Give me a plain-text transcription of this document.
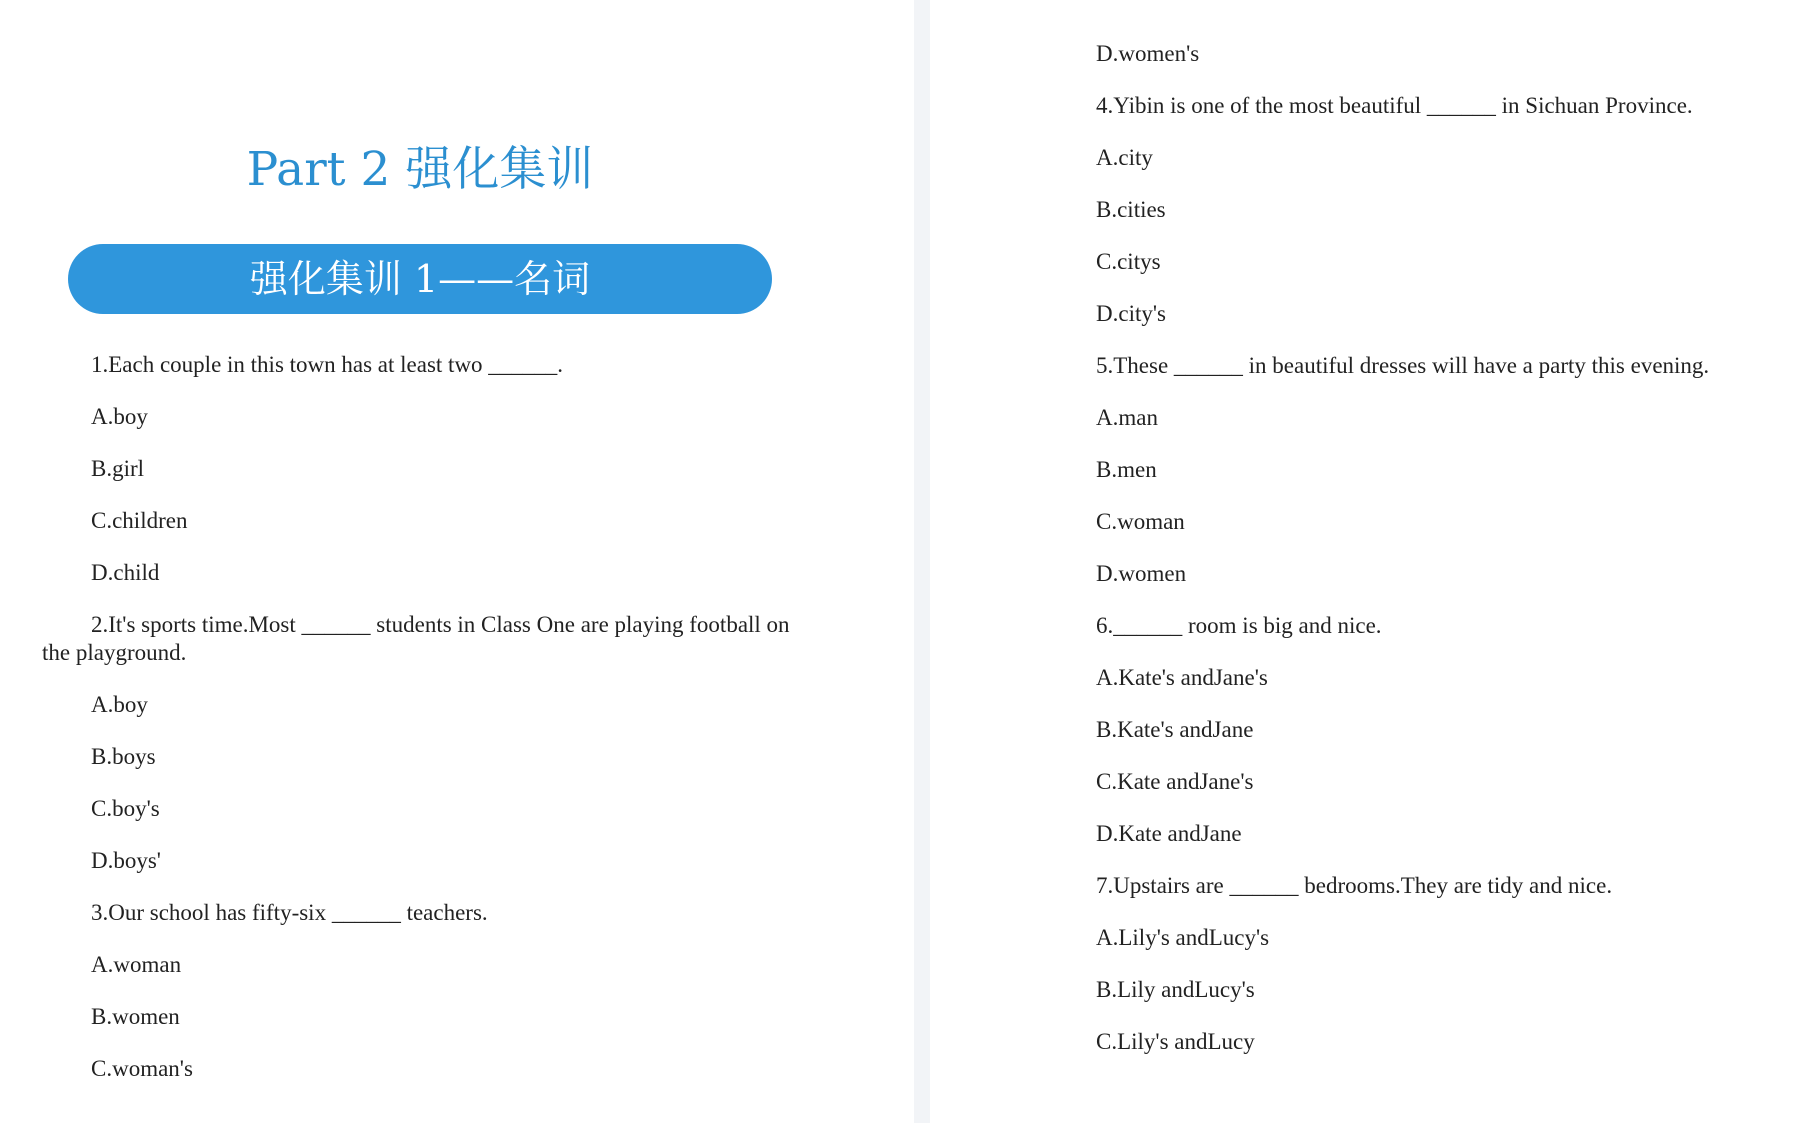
Part 2 强化集训
强化集训 1——名词
1.Each couple in this town has at least two ______.
A.boy
B.girl
C.children
D.child
2.It's sports time.Most ______ students in Class One are playing football on the playground.
A.boy
B.boys
C.boy's
D.boys'
3.Our school has fifty-six ______ teachers.
A.woman
B.women
C.woman's
D.women's
4.Yibin is one of the most beautiful ______ in Sichuan Province.
A.city
B.cities
C.citys
D.city's
5.These ______ in beautiful dresses will have a party this evening.
A.man
B.men
C.woman
D.women
6.______ room is big and nice.
A.Kate's andJane's
B.Kate's andJane
C.Kate andJane's
D.Kate andJane
7.Upstairs are ______ bedrooms.They are tidy and nice.
A.Lily's andLucy's
B.Lily andLucy's
C.Lily's andLucy
